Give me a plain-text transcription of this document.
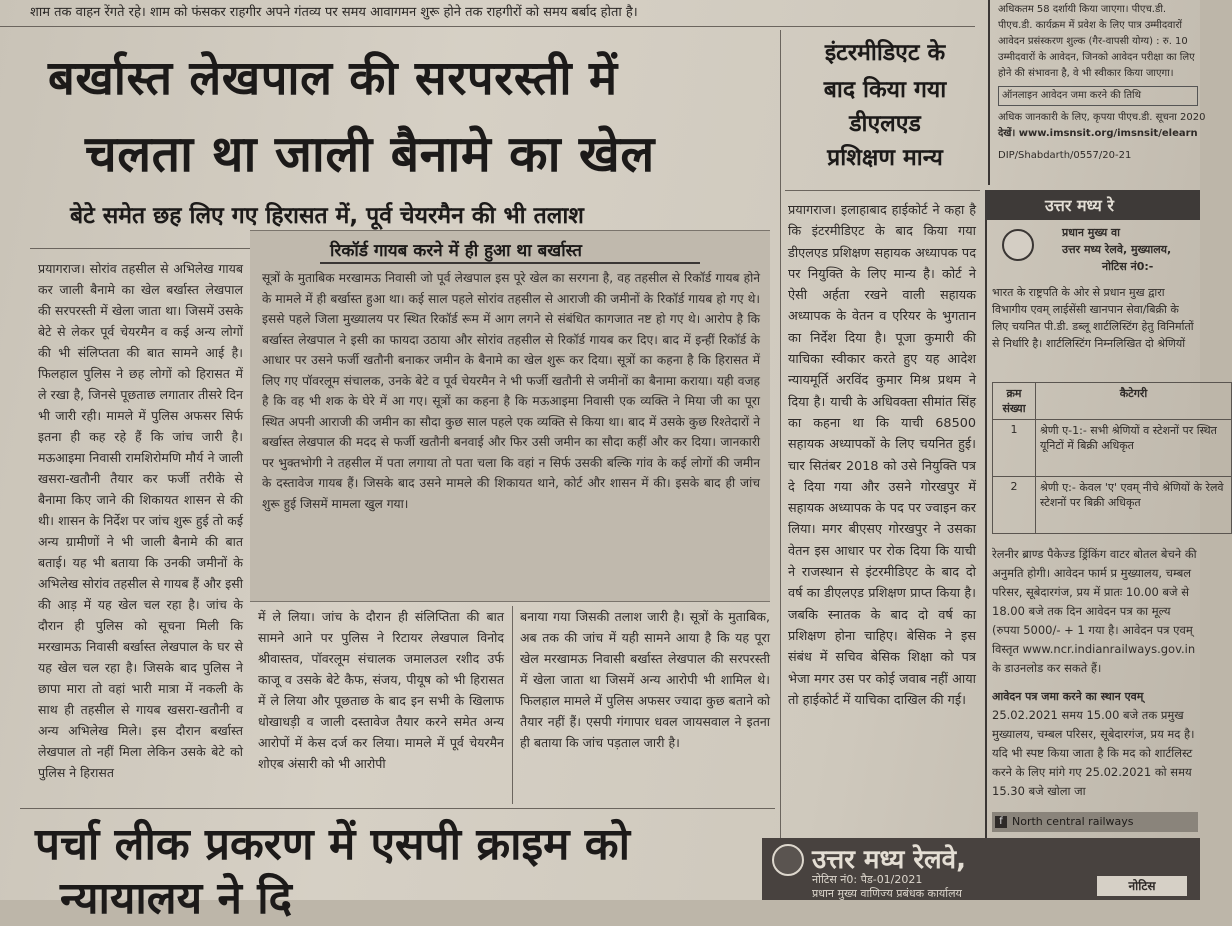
शाम तक वाहन रेंगते रहे। शाम को फंसकर राहगीर अपने गंतव्य पर समय आवागमन शुरू होने तक राहगीरों को समय बर्बाद होता है।
बर्खास्त लेखपाल की सरपरस्ती में
चलता था जाली बैनामे का खेल
बेटे समेत छह लिए गए हिरासत में, पूर्व चेयरमैन की भी तलाश
प्रयागराज। सोरांव तहसील से अभिलेख गायब कर जाली बैनामे का खेल बर्खास्त लेखपाल की सरपरस्ती में खेला जाता था। जिसमें उसके बेटे से लेकर पूर्व चेयरमैन व कई अन्य लोगों की भी संलिप्तता की बात सामने आई है। फिलहाल पुलिस ने छह लोगों को हिरासत में ले रखा है, जिनसे पूछताछ लगातार तीसरे दिन भी जारी रही। मामले में पुलिस अफसर सिर्फ इतना ही कह रहे हैं कि जांच जारी है। मऊआइमा निवासी रामशिरोमणि मौर्य ने जाली खसरा-खतौनी तैयार कर फर्जी तरीके से बैनामा किए जाने की शिकायत शासन से की थी। शासन के निर्देश पर जांच शुरू हुई तो कई अन्य ग्रामीणों ने भी जाली बैनामे की बात बताई। यह भी बताया कि उनकी जमीनों के अभिलेख सोरांव तहसील से गायब हैं और इसी की आड़ में यह खेल चल रहा है। जांच के दौरान ही पुलिस को सूचना मिली कि मरखामऊ निवासी बर्खास्त लेखपाल के घर से यह खेल चल रहा है। जिसके बाद पुलिस ने छापा मारा तो वहां भारी मात्रा में नकली के साथ ही तहसील से गायब खसरा-खतौनी व अन्य अभिलेख मिले। इस दौरान बर्खास्त लेखपाल तो नहीं मिला लेकिन उसके बेटे को पुलिस ने हिरासत
रिकॉर्ड गायब करने में ही हुआ था बर्खास्त
सूत्रों के मुताबिक मरखामऊ निवासी जो पूर्व लेखपाल इस पूरे खेल का सरगना है, वह तहसील से रिकॉर्ड गायब होने के मामले में ही बर्खास्त हुआ था। कई साल पहले सोरांव तहसील से आराजी की जमीनों के रिकॉर्ड गायब हो गए थे। इससे पहले जिला मुख्यालय पर स्थित रिकॉर्ड रूम में आग लगने से संबंधित कागजात नष्ट हो गए थे। आरोप है कि बर्खास्त लेखपाल ने इसी का फायदा उठाया और सोरांव तहसील से रिकॉर्ड गायब कर दिए। बाद में इन्हीं रिकॉर्ड के आधार पर उसने फर्जी खतौनी बनाकर जमीन के बैनामे का खेल शुरू कर दिया। सूत्रों का कहना है कि हिरासत में लिए गए पॉवरलूम संचालक, उनके बेटे व पूर्व चेयरमैन ने भी फर्जी खतौनी से जमीनों का बैनामा कराया। यही वजह है कि वह भी शक के घेरे में आ गए। सूत्रों का कहना है कि मऊआइमा निवासी एक व्यक्ति ने मिया जी का पूरा स्थित अपनी आराजी की जमीन का सौदा कुछ साल पहले एक व्यक्ति से किया था। बाद में उसके कुछ रिश्तेदारों ने बर्खास्त लेखपाल की मदद से फर्जी खतौनी बनवाई और फिर उसी जमीन का सौदा कहीं और कर दिया। जानकारी पर भुक्तभोगी ने तहसील में पता लगाया तो पता चला कि वहां न सिर्फ उसकी बल्कि गांव के कई लोगों की जमीन के दस्तावेज गायब हैं। जिसके बाद उसने मामले की शिकायत थाने, कोर्ट और शासन में की। इसके बाद ही जांच शुरू हुई जिसमें मामला खुल गया।
में ले लिया। जांच के दौरान ही संलिप्तिता की बात सामने आने पर पुलिस ने रिटायर लेखपाल विनोद श्रीवास्तव, पॉवरलूम संचालक जमालउल रशीद उर्फ काजू व उसके बेटे कैफ, संजय, पीयूष को भी हिरासत में ले लिया और पूछताछ के बाद इन सभी के खिलाफ धोखाधड़ी व जाली दस्तावेज तैयार करने समेत अन्य आरोपों में केस दर्ज कर लिया। मामले में पूर्व चेयरमैन शोएब अंसारी को भी आरोपी
बनाया गया जिसकी तलाश जारी है। सूत्रों के मुताबिक, अब तक की जांच में यही सामने आया है कि यह पूरा खेल मरखामऊ निवासी बर्खास्त लेखपाल की सरपरस्ती में खेला जाता था जिसमें अन्य आरोपी भी शामिल थे। फिलहाल मामले में पुलिस अफसर ज्यादा कुछ बताने को तैयार नहीं हैं। एसपी गंगापार धवल जायसवाल ने इतना ही बताया कि जांच पड़ताल जारी है।
इंटरमीडिएट के
बाद किया गया
डीएलएड
प्रशिक्षण मान्य
प्रयागराज। इलाहाबाद हाईकोर्ट ने कहा है कि इंटरमीडिएट के बाद किया गया डीएलएड प्रशिक्षण सहायक अध्यापक पद पर नियुक्ति के लिए मान्य है। कोर्ट ने ऐसी अर्हता रखने वाली सहायक अध्यापक के वेतन व एरियर के भुगतान का निर्देश दिया है। पूजा कुमारी की याचिका स्वीकार करते हुए यह आदेश न्यायमूर्ति अरविंद कुमार मिश्र प्रथम ने दिया है। याची के अधिवक्ता सीमांत सिंह का कहना था कि याची 68500 सहायक अध्यापकों के लिए चयनित हुई। चार सितंबर 2018 को उसे नियुक्ति पत्र दे दिया गया और उसने गोरखपुर में सहायक अध्यापक के पद पर ज्वाइन कर लिया। मगर बीएसए गोरखपुर ने उसका वेतन इस आधार पर रोक दिया कि याची ने राजस्थान से इंटरमीडिएट के बाद दो वर्ष का डीएलएड प्रशिक्षण प्राप्त किया है। जबकि स्नातक के बाद दो वर्ष का प्रशिक्षण होना चाहिए। बेसिक ने इस संबंध में सचिव बेसिक शिक्षा को पत्र भेजा मगर उस पर कोई जवाब नहीं आया तो हाईकोर्ट में याचिका दाखिल की गई।
पर्चा लीक प्रकरण में एसपी क्राइम को
न्यायालय ने दि
अधिकतम 58 दर्शायी किया जाएगा। पीएच.डी.
पीएच.डी. कार्यक्रम में प्रवेश के लिए पात्र उम्मीदवारों
आवेदन प्रसंस्करण शुल्क (गैर-वापसी योग्य) : रु. 10
उम्मीदवारों के आवेदन, जिनको आवेदन परीक्षा का लिए
होने की संभावना है, वे भी स्वीकार किया जाएगा।
ऑनलाइन आवेदन जमा करने की तिथि
अधिक जानकारी के लिए, कृपया पीएच.डी. सूचना 2020
देखें। www.imsnsit.org/imsnsit/elearn
DIP/Shabdarth/0557/20-21
उत्तर मध्य रे
प्रधान मुख्य वा
उत्तर मध्य रेलवे, मुख्यालय,
नोटिस नं0:-
भारत के राष्ट्रपति के ओर से प्रधान मुख द्वारा विभागीय एवम् लाईसेंसी खानपान सेवा/बिक्री के लिए चयनित पी.डी. डब्लू शार्टलिस्टिंग हेतु विनिर्मातों से निर्धारि है। शार्टलिस्टिंग निम्नलिखित दो श्रेणियों
क्रम संख्या	कैटेगरी
1	श्रेणी ए-1:- सभी श्रेणियों व स्टेशनों पर स्थित यूनिटों में बिक्री अधिकृत
2	श्रेणी ए:- केवल 'ए' एवम् नीचे श्रेणियों के रेलवे स्टेशनों पर बिक्री अधिकृत
रेलनीर ब्राण्ड पैकेज्ड ड्रिंकिंग वाटर बोतल बेचने की अनुमति होगी। आवेदन फार्म प्र मुख्यालय, चम्बल परिसर, सूबेदारगंज, प्रय में प्रातः 10.00 बजे से 18.00 बजे तक दिन आवेदन पत्र का मूल्य (रुपया 5000/- + 1 गया है। आवेदन पत्र एवम् विस्तृत www.ncr.indianrailways.gov.in के डाउनलोड कर सकते हैं।
आवेदन पत्र जमा करने का स्थान एवम्
25.02.2021 समय 15.00 बजे तक प्रमुख मुख्यालय, चम्बल परिसर, सूबेदारगंज, प्रय मद है। यदि भी स्पष्ट किया जाता है कि मद को शार्टलिस्ट करने के लिए मांगे गए 25.02.2021 को समय 15.30 बजे खोला जा
North central railways
f
उत्तर मध्य रेलवे,
नोटिस नं0: पैड-01/2021
प्रधान मुख्य वाणिज्य प्रबंधक कार्यालय
नोटिस
